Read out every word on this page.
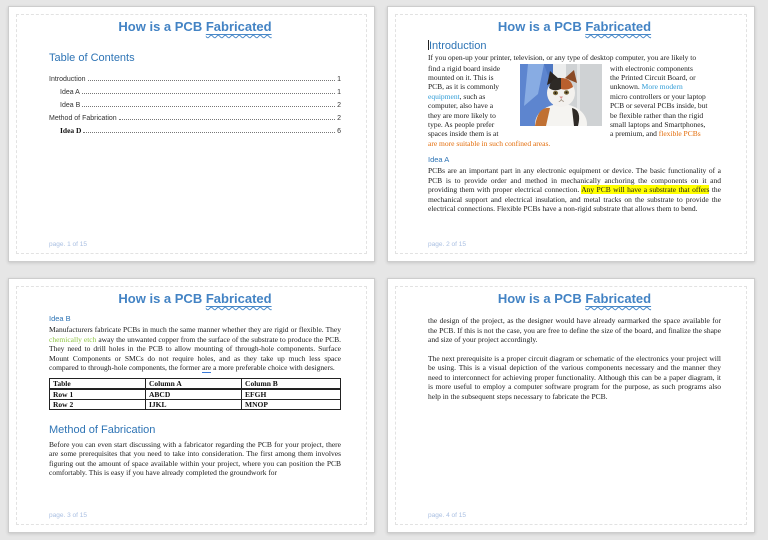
How is a PCB Fabricated
Table of Contents
Introduction	1
Idea A	1
Idea B	2
Method of Fabrication	2
Idea D	6
page. 1 of 15
How is a PCB Fabricated
Introduction
If you open-up your printer, television, or any type of desktop computer, you are likely to
find a rigid board inside
mounted on it. This is
PCB, as it is commonly
equipment, such as
computer, also have a
they are more likely to
type. As people prefer
spaces inside them is at
with electronic components
the Printed Circuit Board, or
unknown. More modern
micro controllers or your laptop
PCB or several PCBs inside, but
be flexible rather than the rigid
small laptops and Smartphones,
a premium, and flexible PCBs
are more suitable in such confined areas.
Idea A
PCBs are an important part in any electronic equipment or device. The basic functionality of a PCB is to provide order and method in mechanically anchoring the components on it and providing them with proper electrical connection. Any PCB will have a substrate that offers the mechanical support and electrical insulation, and metal tracks on the substrate to provide the electrical connections. Flexible PCBs have a non-rigid substrate that allows them to bend.
page. 2 of 15
How is a PCB Fabricated
Idea B
Manufacturers fabricate PCBs in much the same manner whether they are rigid or flexible. They chemically etch away the unwanted copper from the surface of the substrate to produce the PCB. They need to drill holes in the PCB to allow mounting of through-hole components. Surface Mount Components or SMCs do not require holes, and as they take up much less space compared to through-hole components, the former are a more preferable choice with designers.
Table	Column A	Column B
Row 1	ABCD	EFGH
Row 2	IJKL	MNOP
Method of Fabrication
Before you can even start discussing with a fabricator regarding the PCB for your project, there are some prerequisites that you need to take into consideration. The first among them involves figuring out the amount of space available within your project, where you can position the PCB comfortably. This is easy if you have already completed the groundwork for
page. 3 of 15
How is a PCB Fabricated
the design of the project, as the designer would have already earmarked the space available for the PCB. If this is not the case, you are free to define the size of the board, and finalize the shape and size of your project accordingly.
The next prerequisite is a proper circuit diagram or schematic of the electronics your project will be using. This is a visual depiction of the various components necessary and the manner they need to interconnect for achieving proper functionality. Although this can be a paper diagram, it is more useful to employ a computer software program for the purpose, as such programs also help in the subsequent steps necessary to fabricate the PCB.
page. 4 of 15
